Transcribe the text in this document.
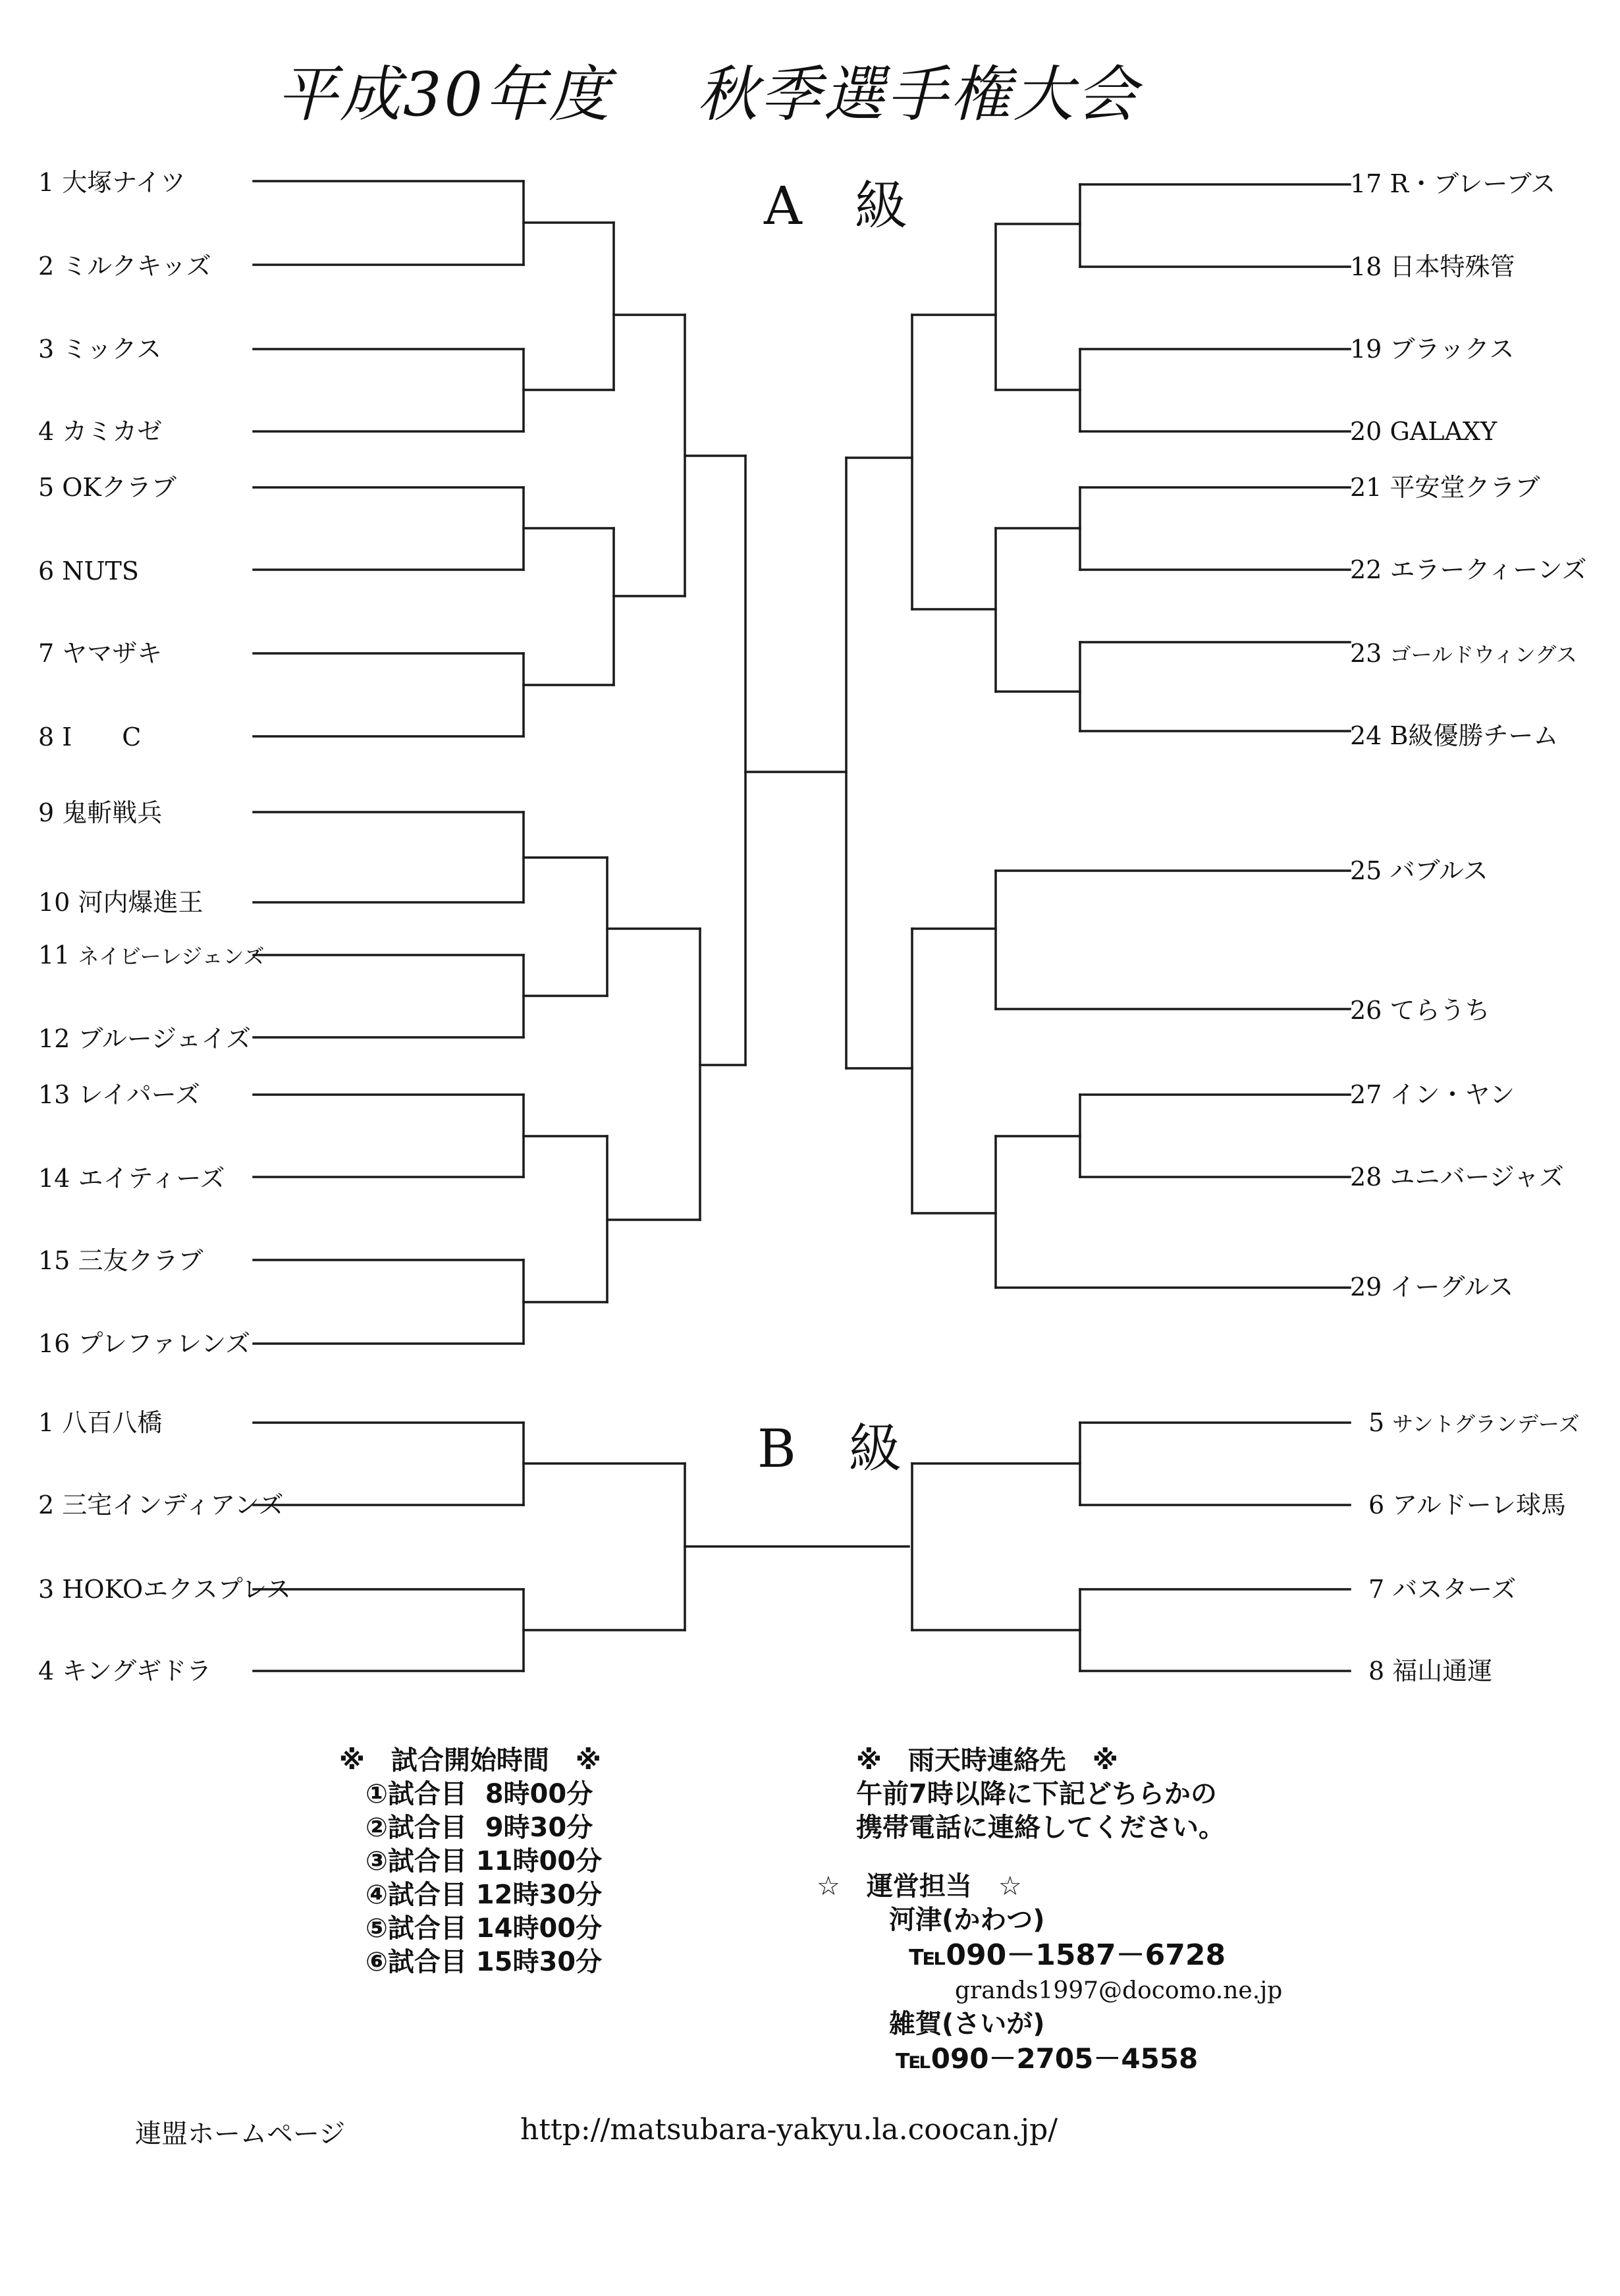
平成30年度　 秋季選手権大会
A　級
B　級
1 大塚ナイツ
2 ミルクキッズ
3 ミックス
4 カミカゼ
5 OKクラブ
6 NUTS
7 ヤマザキ
8 I　　C
9 鬼斬戦兵
10 河内爆進王
11 ネイビーレジェンズ
12 ブルージェイズ
13 レイパーズ
14 エイティーズ
15 三友クラブ
16 プレファレンズ
17 R・ブレーブス
18 日本特殊管
19 ブラックス
20 GALAXY
21 平安堂クラブ
22 エラークィーンズ
23 ゴールドウィングス
24 B級優勝チーム
25 バブルス
26 てらうち
27 イン・ヤン
28 ユニバージャズ
29 イーグルス
1 八百八橋
2 三宅インディアンズ
3 HOKOエクスプレス
4 キングギドラ
5 サントグランデーズ
6 アルドーレ球馬
7 バスターズ
8 福山通運
※　試合開始時間　※
①試合目  8時00分
②試合目  9時30分
③試合目 11時00分
④試合目 12時30分
⑤試合目 14時00分
⑥試合目 15時30分
※　雨天時連絡先　※
午前7時以降に下記どちらかの
携帯電話に連絡してください。
☆　運営担当　☆
河津(かわつ)
℡090－1587－6728
grands1997@docomo.ne.jp
雑賀(さいが)
℡090－2705－4558
連盟ホームページ	http://matsubara-yakyu.la.coocan.jp/
